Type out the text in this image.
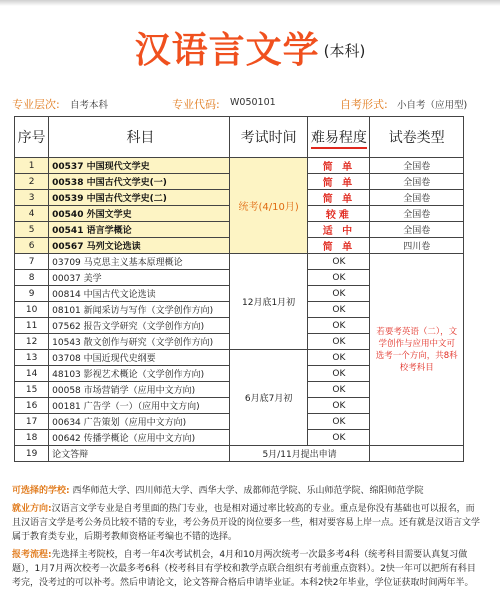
汉语言文学 (本科)
专业层次: 自考本科	专业代码: W050101	自考形式: 小自考（应用型)
序号	科目	考试时间	难易程度	试卷类型
1	00537 中国现代文学史	统考(4/10月)	简 单	全国卷
2	00538 中国古代文学史(一)		简 单	全国卷
3	00539 中国古代文学史(二)		简 单	全国卷
4	00540 外国文学史		较难	全国卷
5	00541 语言学概论		适 中	全国卷
6	00567 马列文论选读		简 单	四川卷
7	03709 马克思主义基本原理概论	12月底1月初	OK	若要考英语（二），文学创作与应用中文可选考一个方向，共8科校考科目
8	00037 美学		OK	
9	00814 中国古代文论选读		OK	
10	08101 新闻采访与写作（文学创作方向)		OK	
11	07562 报告文学研究（文学创作方向)		OK	
12	10543 散文创作与研究（文学创作方向)		OK	
13	03708 中国近现代史纲要	6月底7月初	OK	
14	48103 影视艺术概论（文学创作方向)		OK	
15	00058 市场营销学（应用中文方向)		OK	
16	00181 广告学（一）（应用中文方向)		OK	
17	00634 广告策划（应用中文方向)		OK	
18	00642 传播学概论（应用中文方向)		OK	
19	论文答辩	5月/11月提出申请		

可选择的学校: 西华师范大学、四川师范大学、西华大学、成都师范学院、乐山师范学院、绵阳师范学院

就业方向:汉语言文学专业是自考里面的热门专业，也是相对通过率比较高的专业。重点是你没有基础也可以报名，而且汉语言文学是考公务员比较不错的专业，考公务员开设的岗位要多一些，相对要容易上岸一点。还有就是汉语言文学属于教育类专业，后期考教师资格证考编也不错的选择。

报考流程:先选择主考院校，自考一年4次考试机会，4月和10月两次统考一次最多考4科（统考科目需要认真复习做题），1月7月两次校考一次最多考6科（校考科目有学校和教学点联合组织有考前重点资料）。2快一年可以把所有科目考完，没考过的可以补考。然后申请论文，论文答辩合格后申请毕业证。本科2快2年毕业，学位证获取时间两年半。
